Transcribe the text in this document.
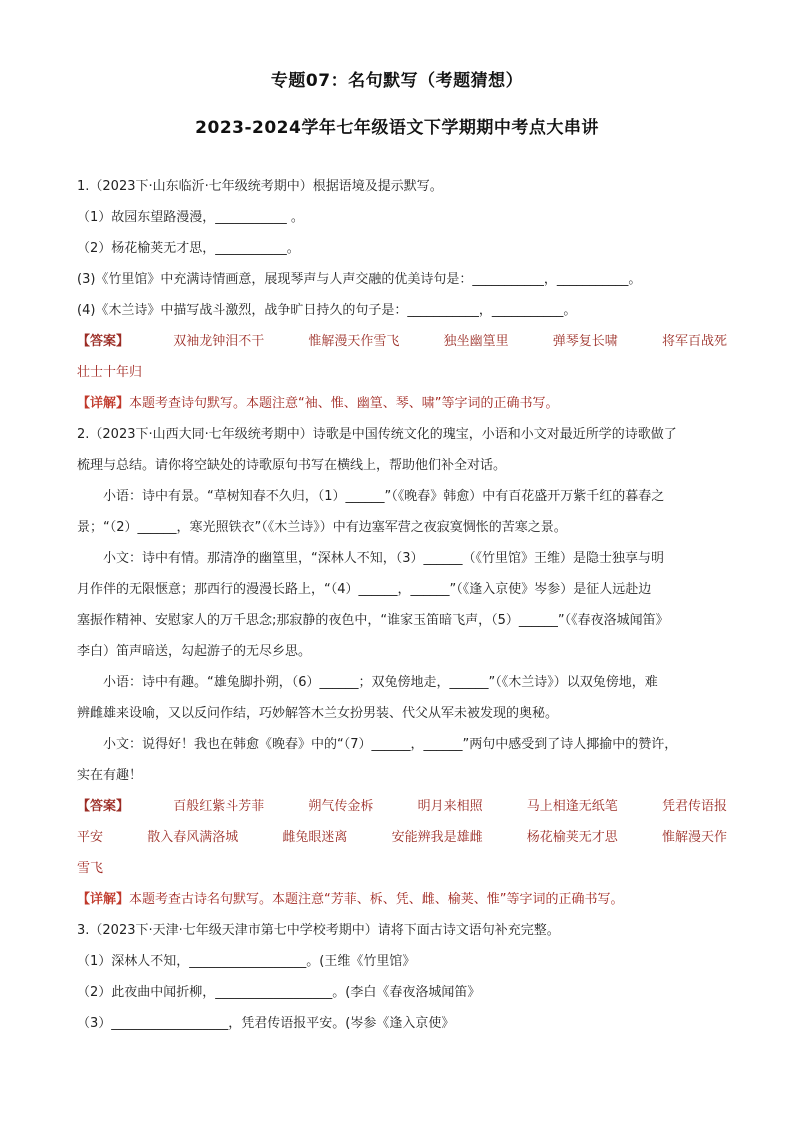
专题07：名句默写（考题猜想）
2023-2024学年七年级语文下学期期中考点大串讲
1.（2023下·山东临沂·七年级统考期中）根据语境及提示默写。
（1）故园东望路漫漫，___________ 。
（2）杨花榆荚无才思，___________。
(3)《竹里馆》中充满诗情画意，展现琴声与人声交融的优美诗句是：___________，___________。
(4)《木兰诗》中描写战斗激烈，战争旷日持久的句子是：___________，___________。
【答案】	双袖龙钟泪不干	惟解漫天作雪飞	独坐幽篁里	弹琴复长啸	将军百战死
壮士十年归
【详解】本题考查诗句默写。本题注意“袖、惟、幽篁、琴、啸”等字词的正确书写。
2.（2023下·山西大同·七年级统考期中）诗歌是中国传统文化的瑰宝，小语和小文对最近所学的诗歌做了
梳理与总结。请你将空缺处的诗歌原句书写在横线上，帮助他们补全对话。
小语：诗中有景。“草树知春不久归，（1）______”（《晚春》韩愈）中有百花盛开万紫千红的暮春之
景；“（2）______，寒光照铁衣”（《木兰诗》）中有边塞军营之夜寂寞惆怅的苦寒之景。
小文：诗中有情。那清净的幽篁里，“深林人不知，（3）______（《竹里馆》王维）是隐士独享与明
月作伴的无限惬意；那西行的漫漫长路上，“（4）______，______”（《逢入京使》岑参）是征人远赴边
塞振作精神、安慰家人的万千思念;那寂静的夜色中，“谁家玉笛暗飞声，（5）______”（《春夜洛城闻笛》
李白）笛声暗送，勾起游子的无尽乡思。
小语：诗中有趣。“雄兔脚扑朔，（6）______；双兔傍地走，______”（《木兰诗》）以双兔傍地，难
辨雌雄来设喻，又以反问作结，巧妙解答木兰女扮男装、代父从军未被发现的奥秘。
小文：说得好！我也在韩愈《晚春》中的“（7）______，______”两句中感受到了诗人揶揄中的赞许，
实在有趣！
【答案】	百般红紫斗芳菲	朔气传金柝	明月来相照	马上相逢无纸笔	凭君传语报
平安	散入春风满洛城	雌兔眼迷离	安能辨我是雄雌	杨花榆荚无才思	惟解漫天作
雪飞
【详解】本题考查古诗名句默写。本题注意“芳菲、柝、凭、雌、榆荚、惟”等字词的正确书写。
3.（2023下·天津·七年级天津市第七中学校考期中）请将下面古诗文语句补充完整。
（1）深林人不知，__________________。(王维《竹里馆》
（2）此夜曲中闻折柳，__________________。(李白《春夜洛城闻笛》
（3）__________________，凭君传语报平安。(岑参《逢入京使》
